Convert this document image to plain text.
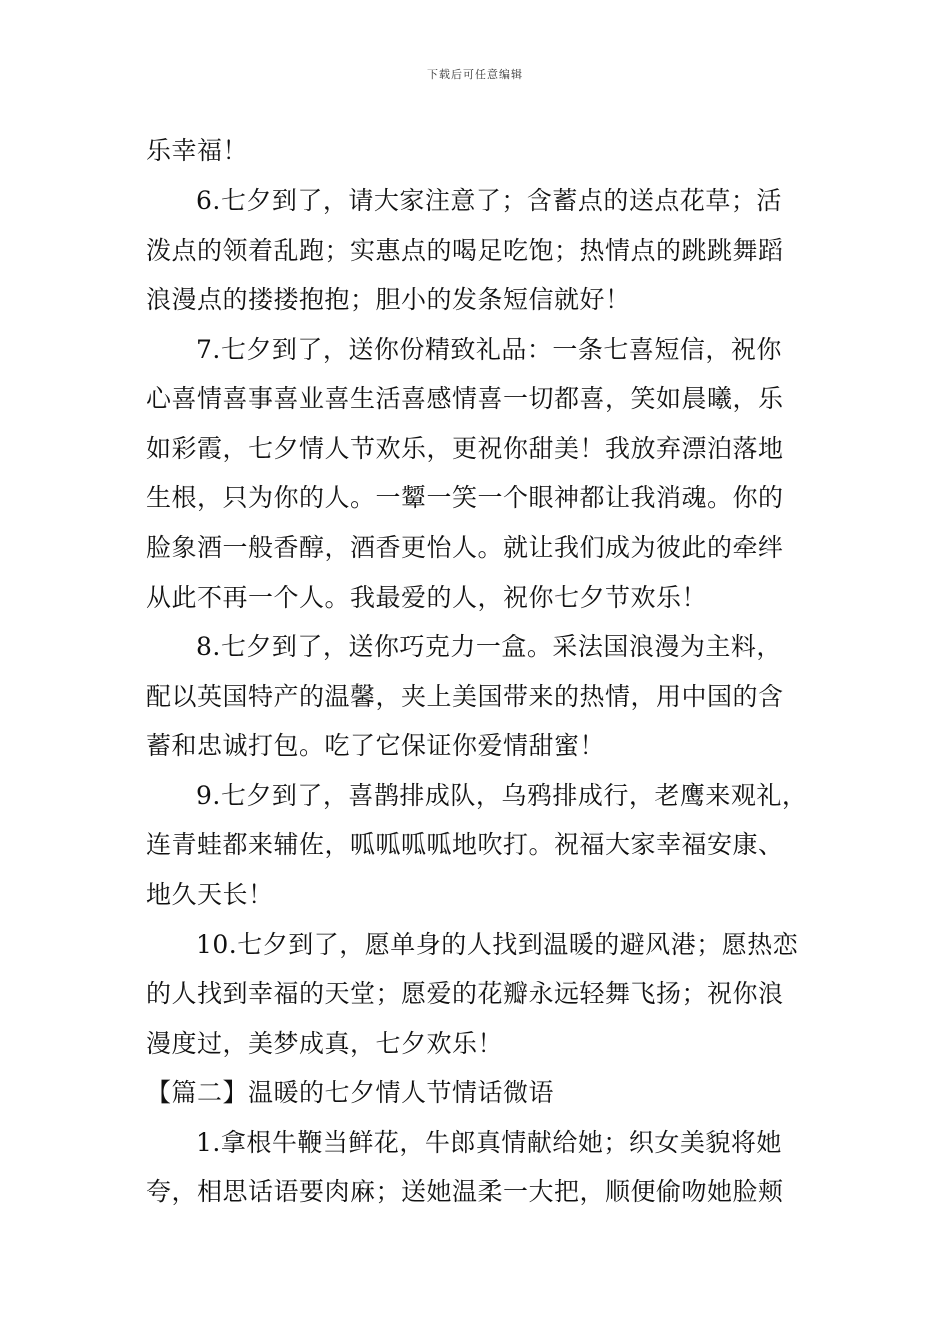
下载后可任意编辑
乐幸福！
6.七夕到了，请大家注意了；含蓄点的送点花草；活
泼点的领着乱跑；实惠点的喝足吃饱；热情点的跳跳舞蹈
浪漫点的搂搂抱抱；胆小的发条短信就好！
7.七夕到了，送你份精致礼品：一条七喜短信，祝你
心喜情喜事喜业喜生活喜感情喜一切都喜，笑如晨曦，乐
如彩霞，七夕情人节欢乐，更祝你甜美！我放弃漂泊落地
生根，只为你的人。一颦一笑一个眼神都让我消魂。你的
脸象酒一般香醇，酒香更怡人。就让我们成为彼此的牵绊
从此不再一个人。我最爱的人，祝你七夕节欢乐！
8.七夕到了，送你巧克力一盒。采法国浪漫为主料，
配以英国特产的温馨，夹上美国带来的热情，用中国的含
蓄和忠诚打包。吃了它保证你爱情甜蜜！
9.七夕到了，喜鹊排成队，乌鸦排成行，老鹰来观礼，
连青蛙都来辅佐，呱呱呱呱地吹打。祝福大家幸福安康、
地久天长！
10.七夕到了，愿单身的人找到温暖的避风港；愿热恋
的人找到幸福的天堂；愿爱的花瓣永远轻舞飞扬；祝你浪
漫度过，美梦成真，七夕欢乐！
【篇二】温暖的七夕情人节情话微语
1.拿根牛鞭当鲜花，牛郎真情献给她；织女美貌将她
夸，相思话语要肉麻；送她温柔一大把，顺便偷吻她脸颊
